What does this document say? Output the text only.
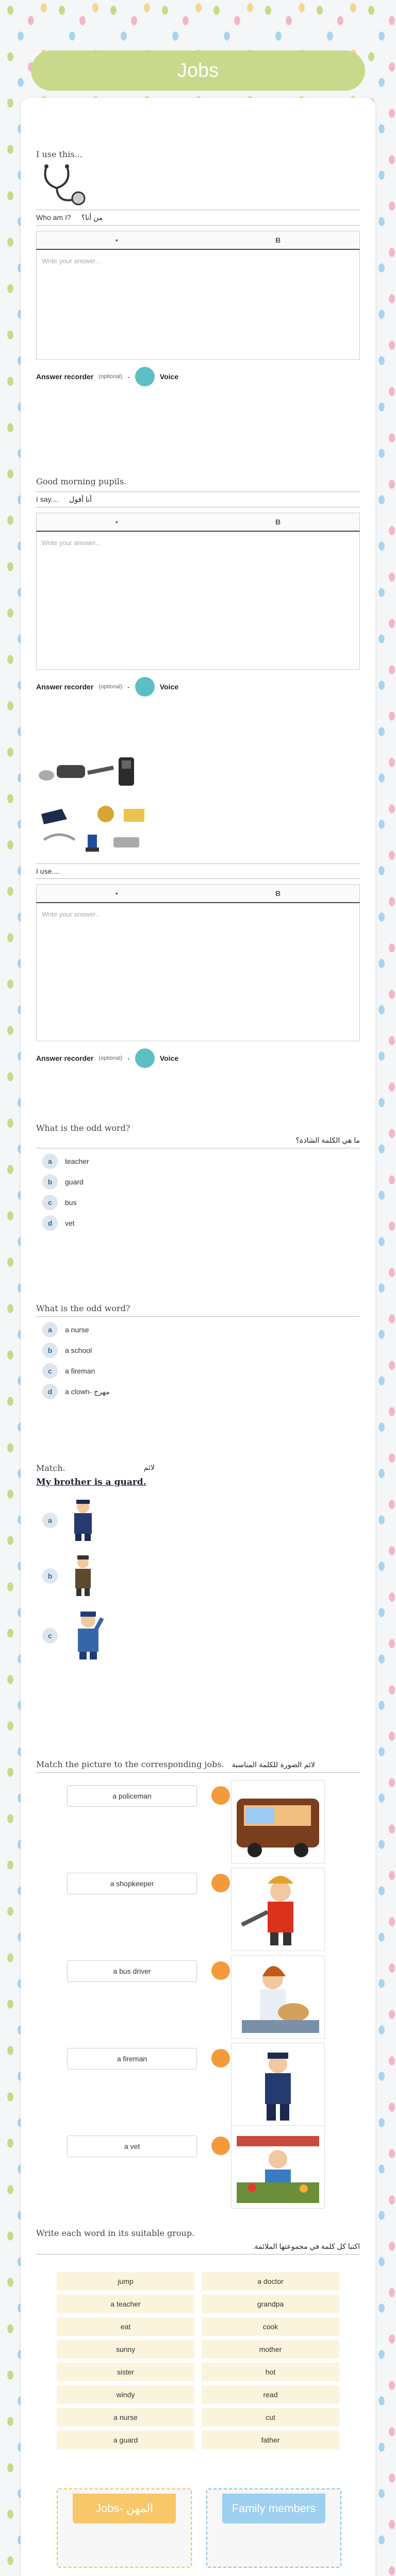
Jobs
I use this...
Who am I? من أنا؟
•	B
Write your answer...
Answer recorder (optional) -	Voice
Good morning pupils.
I say.... أنا أقول
•	B
Write your answer...
Answer recorder (optional) -	Voice
I use....
•	B
Write your answer...
Answer recorder (optional) -	Voice
What is the odd word?
ما هي الكلمة الشاذة؟
a	teacher
b	guard
c	bus
d	vet
What is the odd word?
a	a nurse
b	a school
c	a fireman
d	a clown- مهرج
Match.	لائم
My brother is a guard.
a
b
c
Match the picture to the corresponding jobs. لائم الصورة للكلمة المناسبة
a policeman
a shopkeeper
a bus driver
a fireman
a vet
Write each word in its suitable group.
اكتبا كل كلمة في مجموعتها الملائمة.
jump	a doctor
a teacher	grandpa
eat	cook
sunny	mother
sister	hot
windy	read
a nurse	cut
a guard	father
Jobs- المهن	Family members
